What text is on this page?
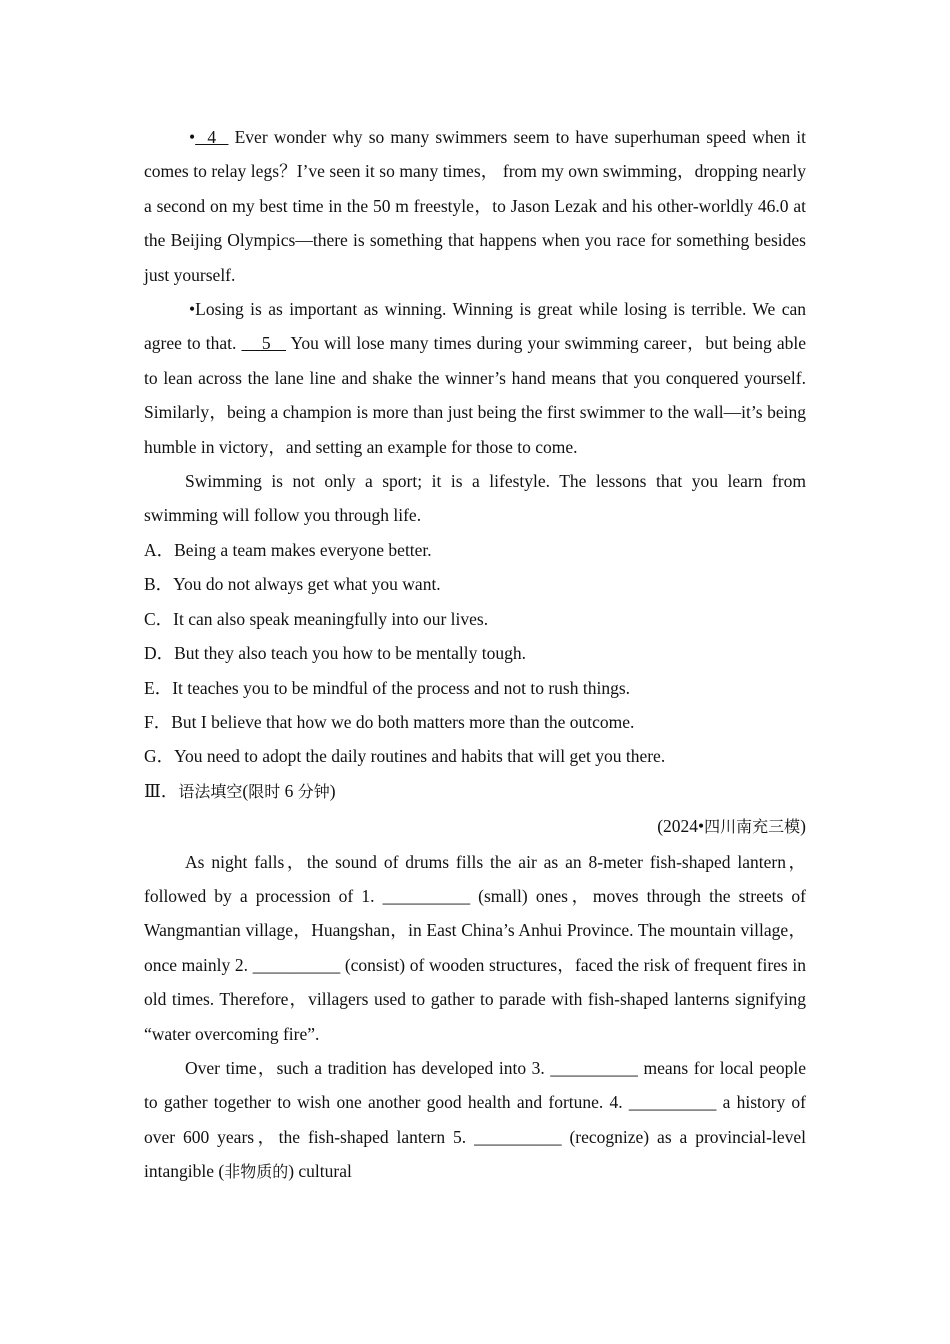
•  4   Ever wonder why so many swimmers seem to have superhuman speed when it comes to relay legs？I’ve seen it so many times， from my own swimming，dropping nearly a second on my best time in the 50 m freestyle，to Jason Lezak and his other-worldly 46.0 at the Beijing Olympics—there is something that happens when you race for something besides just yourself.

•Losing is as important as winning. Winning is great while losing is terrible. We can agree to that.     5    You will lose many times during your swimming career，but being able to lean across the lane line and shake the winner’s hand means that you conquered yourself. Similarly，being a champion is more than just being the first swimmer to the wall—it’s being humble in victory，and setting an example for those to come.

Swimming is not only a sport; it is a lifestyle. The lessons that you learn from swimming will follow you through life.

A．Being a team makes everyone better.

B．You do not always get what you want.

C．It can also speak meaningfully into our lives.

D．But they also teach you how to be mentally tough.

E．It teaches you to be mindful of the process and not to rush things.

F．But I believe that how we do both matters more than the outcome.

G．You need to adopt the daily routines and habits that will get you there.

Ⅲ．语法填空(限时 6 分钟)

(2024•四川南充三模)

As night falls，the sound of drums fills the air as an 8-meter fish-shaped lantern，followed by a procession of 1. __________ (small) ones，moves through the streets of Wangmantian village，Huangshan，in East China’s Anhui Province. The mountain village，once mainly 2. __________ (consist) of wooden structures，faced the risk of frequent fires in old times. Therefore，villagers used to gather to parade with fish-shaped lanterns signifying “water overcoming fire”.

Over time，such a tradition has developed into 3. __________ means for local people to gather together to wish one another good health and fortune. 4. __________ a history of over 600 years，the fish-shaped lantern 5. __________ (recognize) as a provincial-level intangible (非物质的) cultural
